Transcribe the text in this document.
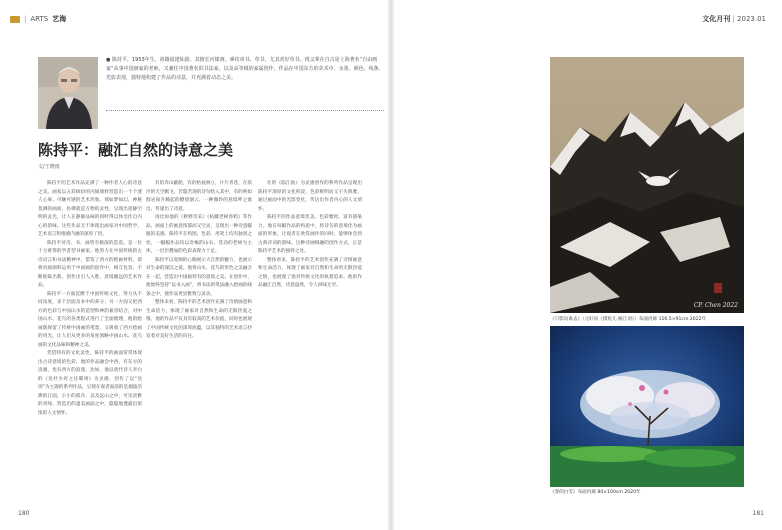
| ARTS 艺海
● 陈持平，1953年生，祖籍福建仙游。其擅长丙烯画、素纹章书、草书，尤其喜好草书。现父辈在自古是上海著名“自由画家”从事中国画家的老师，又兼任中国著名的书法家，以及高等级的家属创作，作品在中国东方的美术中、水墨、颜色、线条、光影表现，独特地构建了作品的诗意，并充满着动态之美。
陈持平：融汇自然的诗意之美
文/王晓雨

陈持平的艺术作品充满了一种作者人心的诗意之美。画家以五彩缤纷的丙烯颜料营造出一个个迷人心扉、可触可感的艺术形象。那如梦如幻、神秘莫测的画面，仿佛就是万物的灵性，呈现出遥静空明的灵光，让人在静静品味的同时得以体会作自内心的韵味。这些作品无不体现出画家对中国哲学、艺术语言和情感内涵的深厚了悟。

陈持平对诗、书、画皆有极深的造诣。是一位十分难得的学者型书画家。他努力在中国传统的古诗语言和书法精神中，借鉴了西方的绘画材料，即将丙烯颜料运用于中国画的创作中，相互包容，不断推陈出新。创作出引人入胜、意境幽远的艺术作品。

陈持平一方面沉醉于中国传统文化，努力从不同角度，多个层面及本中的养分；另一方面又把西方的色彩与中国山水的造型和神韵兼容结合，对中国山水、花鸟的各类程式进行了全面梳理，他的绘画既保留了传统中国画的笔墨，又吸收了西方绘画的用光，让人们从更多的角度领略中国山水、花鸟画的文化品味和精神之美。

凭借特有的文化灵性，陈持平的画面常常体现出古诗意境的色彩，他的作品融会中西，有东方的清澈，也有西方的浪漫，比如，他以唐代诗人李白的《送杜少府之任蜀州》为灵感，创作了以“送别”为主题的系列作品，呈现在观者面前的是烟波浩渺的江面，小小的孤舟，以及远山之中，可见淡雅的青绿，营造出的凄美画面之中，隐隐地透露出浓浓的人文情怀。

有的奔山蔽葩，有的枯枝林立，片片青苍，在浓冷的天空飘飞，若隐若现的诗句绘入其中，有的则如群岩间升腾起的缭绕烟云，一种微妙的意境呼之欲出，传递出了诗意。

再比如他的《秋野奇采》《枯藤老树昏鸦》等作品，画面上的画意浓郁而又空灵，呈现出一种诗意朦胧的美感。陈持平在构图、色彩、用笔上均有独到之处，一幅幅作品均以奇崛的山石、苍劲的老树为主体，一层层叠加的色彩表现力十足。

陈持平以宽阔的心胸展示大自然的魅力，也展示对生命的深沉之爱。他将山水、花鸟的形色之美融合在一起，营造出中国画特有的意境之美。在创作中，他始终坚持“以书入画”，将书法的笔法融入绘画的线条之中，使作品更显雅致与灵动。

整体来看，陈持平的艺术创作充满了诗情画意和生命活力，体现了画家对自然和生命的无限热爱之情。他的作品不仅具有较高的艺术价值，同时也展现了中国传统文化的深厚底蕴，以其独特的艺术语言抒发着对美好生活的向往。

壮的《临江仙》为灵感创作的系列作品呈现出陈持平深厚的文化积淀，色彩鲜明而又不失典雅，通过画面中的光影变化，传达出作者内心的人文情怀。

陈持平的作品意境优美、色彩雅致、富有感染力。他在每幅作品的构思中，将诗句的意境化为画面的形象，让观者在欣赏画作的同时，能够体会到古典诗词的韵味。这种诗画相融的创作方式，正是陈持平艺术的独特之处。

整体看来，陈持平的艺术创作充满了诗情画意和生命活力，体现了画家对自然和生命的无限热爱之情，也展现了他对传统文化的执着追求。他的作品融汇自然，诗意盎然，令人回味无穷。

180
文化月刊 | 2023.01
CP. Chen 2022
《只影向谁去》（元好问《摸鱼儿·雁丘词》）布面丙烯 116.5×91cm 2022年
《春的白雪》布面丙烯 80×100cm 2020年
181
